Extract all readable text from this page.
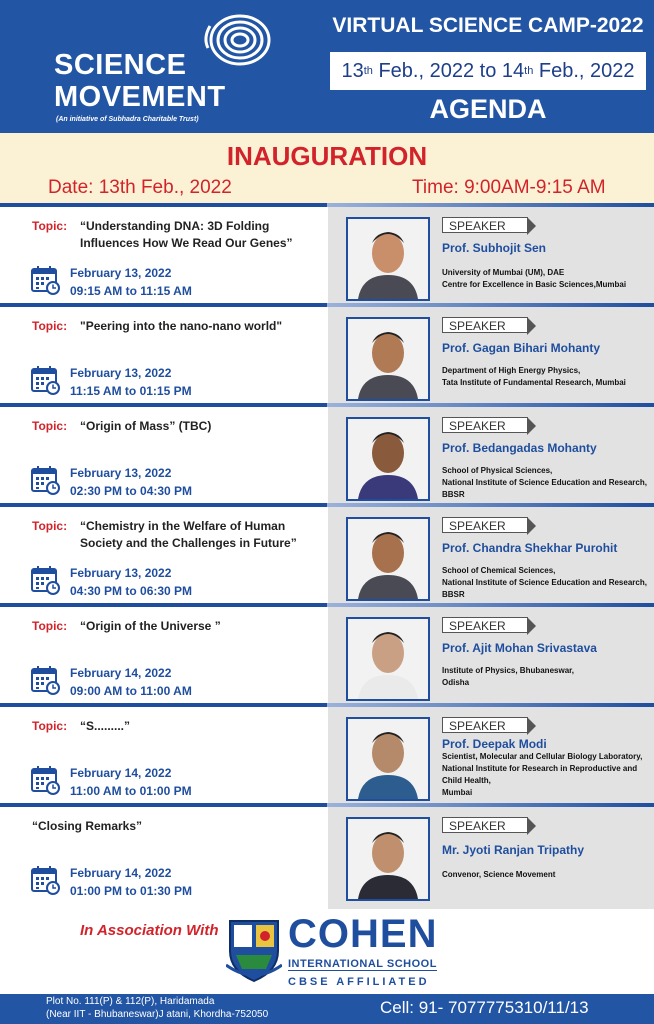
SCIENCE
MOVEMENT
(An initiative of Subhadra Charitable Trust)
VIRTUAL SCIENCE CAMP-2022
13 th Feb., 2022 to 14 th Feb., 2022
AGENDA
INAUGURATION
Date: 13th Feb., 2022	Time: 9:00AM-9:15 AM
Topic: “Understanding DNA: 3D Folding Influences How We Read Our Genes”
February 13, 2022
09:15 AM to 11:15 AM
SPEAKER
Prof. Subhojit Sen
University of Mumbai (UM), DAE
Centre for Excellence in Basic Sciences,Mumbai
Topic: "Peering into the nano-nano world"
February 13, 2022
11:15 AM to 01:15 PM
SPEAKER
Prof. Gagan Bihari Mohanty
Department of High Energy Physics,
Tata Institute of Fundamental Research, Mumbai
Topic: “Origin of Mass” (TBC)
February 13, 2022
02:30 PM to 04:30 PM
SPEAKER
Prof. Bedangadas Mohanty
School of Physical Sciences,
National Institute of Science Education and Research, BBSR
Topic: “Chemistry in the Welfare of Human Society and the Challenges in Future”
February 13, 2022
04:30 PM to 06:30 PM
SPEAKER
Prof. Chandra Shekhar Purohit
School of Chemical Sciences,
National Institute of Science Education and Research, BBSR
Topic: “Origin of the Universe ”
February 14, 2022
09:00 AM to 11:00 AM
SPEAKER
Prof. Ajit Mohan Srivastava
Institute of Physics, Bhubaneswar,
Odisha
Topic: “S.........”
February 14, 2022
11:00 AM to 01:00 PM
SPEAKER
Prof. Deepak Modi
Scientist, Molecular and Cellular Biology Laboratory,
National Institute for Research in Reproductive and Child Health,
Mumbai
“Closing Remarks”
February 14, 2022
01:00 PM to 01:30 PM
SPEAKER
Mr. Jyoti Ranjan Tripathy
Convenor, Science Movement
In Association With COHEN
INTERNATIONAL SCHOOL
CBSE AFFILIATED
Plot No. 111(P) & 112(P), Haridamada
(Near IIT - Bhubaneswar)J atani, Khordha-752050	Cell: 91- 7077775310/11/13
